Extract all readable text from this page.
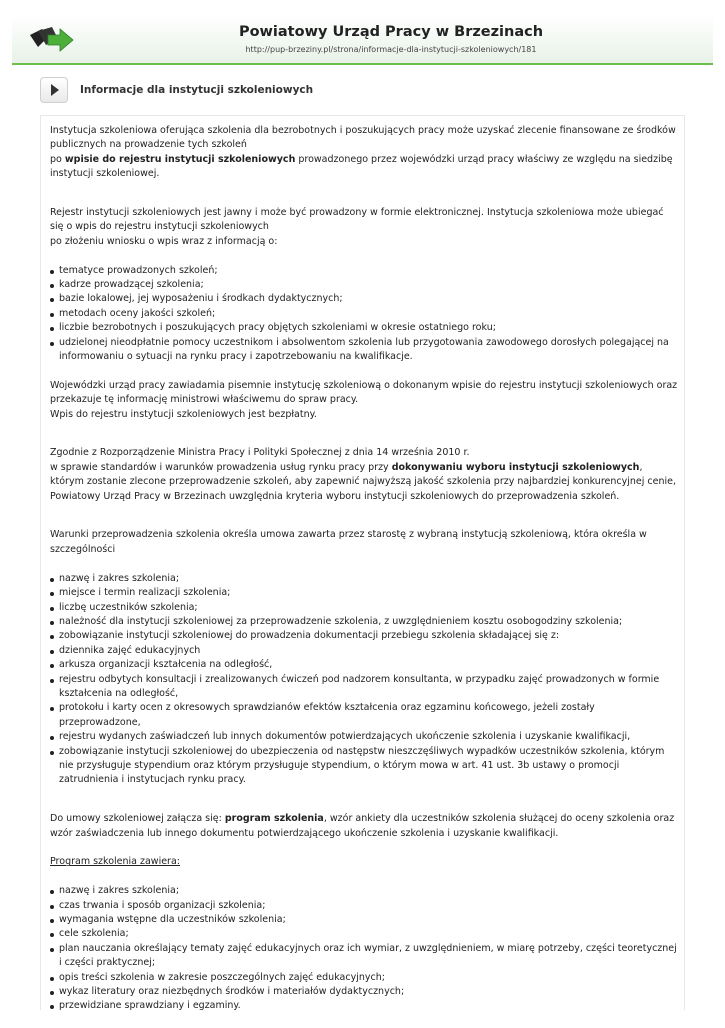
Powiatowy Urząd Pracy w Brzezinach
http://pup-brzeziny.pl/strona/informacje-dla-instytucji-szkoleniowych/181
Informacje dla instytucji szkoleniowych

Instytucja szkoleniowa oferująca szkolenia dla bezrobotnych i poszukujących pracy może uzyskać zlecenie finansowane ze środków publicznych na prowadzenie tych szkoleń
po wpisie do rejestru instytucji szkoleniowych prowadzonego przez wojewódzki urząd pracy właściwy ze względu na siedzibę instytucji szkoleniowej.

Rejestr instytucji szkoleniowych jest jawny i może być prowadzony w formie elektronicznej. Instytucja szkoleniowa może ubiegać się o wpis do rejestru instytucji szkoleniowych
po złożeniu wniosku o wpis wraz z informacją o:

tematyce prowadzonych szkoleń;
kadrze prowadzącej szkolenia;
bazie lokalowej, jej wyposażeniu i środkach dydaktycznych;
metodach oceny jakości szkoleń;
liczbie bezrobotnych i poszukujących pracy objętych szkoleniami w okresie ostatniego roku;
udzielonej nieodpłatnie pomocy uczestnikom i absolwentom szkolenia lub przygotowania zawodowego dorosłych polegającej na informowaniu o sytuacji na rynku pracy i zapotrzebowaniu na kwalifikacje.

Wojewódzki urząd pracy zawiadamia pisemnie instytucję szkoleniową o dokonanym wpisie do rejestru instytucji szkoleniowych oraz przekazuje tę informację ministrowi właściwemu do spraw pracy.
Wpis do rejestru instytucji szkoleniowych jest bezpłatny.

Zgodnie z Rozporządzenie Ministra Pracy i Polityki Społecznej z dnia 14 września 2010 r.
w sprawie standardów i warunków prowadzenia usług rynku pracy przy dokonywaniu wyboru instytucji szkoleniowych, którym zostanie zlecone przeprowadzenie szkoleń, aby zapewnić najwyższą jakość szkolenia przy najbardziej konkurencyjnej cenie, Powiatowy Urząd Pracy w Brzezinach uwzględnia kryteria wyboru instytucji szkoleniowych do przeprowadzenia szkoleń.

Warunki przeprowadzenia szkolenia określa umowa zawarta przez starostę z wybraną instytucją szkoleniową, która określa w szczególności

nazwę i zakres szkolenia;
miejsce i termin realizacji szkolenia;
liczbę uczestników szkolenia;
należność dla instytucji szkoleniowej za przeprowadzenie szkolenia, z uwzględnieniem kosztu osobogodziny szkolenia;
zobowiązanie instytucji szkoleniowej do prowadzenia dokumentacji przebiegu szkolenia składającej się z:
dziennika zajęć edukacyjnych
arkusza organizacji kształcenia na odległość,
rejestru odbytych konsultacji i zrealizowanych ćwiczeń pod nadzorem konsultanta, w przypadku zajęć prowadzonych w formie kształcenia na odległość,
protokołu i karty ocen z okresowych sprawdzianów efektów kształcenia oraz egzaminu końcowego, jeżeli zostały przeprowadzone,
rejestru wydanych zaświadczeń lub innych dokumentów potwierdzających ukończenie szkolenia i uzyskanie kwalifikacji,
zobowiązanie instytucji szkoleniowej do ubezpieczenia od następstw nieszczęśliwych wypadków uczestników szkolenia, którym nie przysługuje stypendium oraz którym przysługuje stypendium, o którym mowa w art. 41 ust. 3b ustawy o promocji zatrudnienia i instytucjach rynku pracy.

Do umowy szkoleniowej załącza się: program szkolenia, wzór ankiety dla uczestników szkolenia służącej do oceny szkolenia oraz wzór zaświadczenia lub innego dokumentu potwierdzającego ukończenie szkolenia i uzyskanie kwalifikacji.

Program szkolenia zawiera:

nazwę i zakres szkolenia;
czas trwania i sposób organizacji szkolenia;
wymagania wstępne dla uczestników szkolenia;
cele szkolenia;
plan nauczania określający tematy zajęć edukacyjnych oraz ich wymiar, z uwzględnieniem, w miarę potrzeby, części teoretycznej i części praktycznej;
opis treści szkolenia w zakresie poszczególnych zajęć edukacyjnych;
wykaz literatury oraz niezbędnych środków i materiałów dydaktycznych;
przewidziane sprawdziany i egzaminy.
